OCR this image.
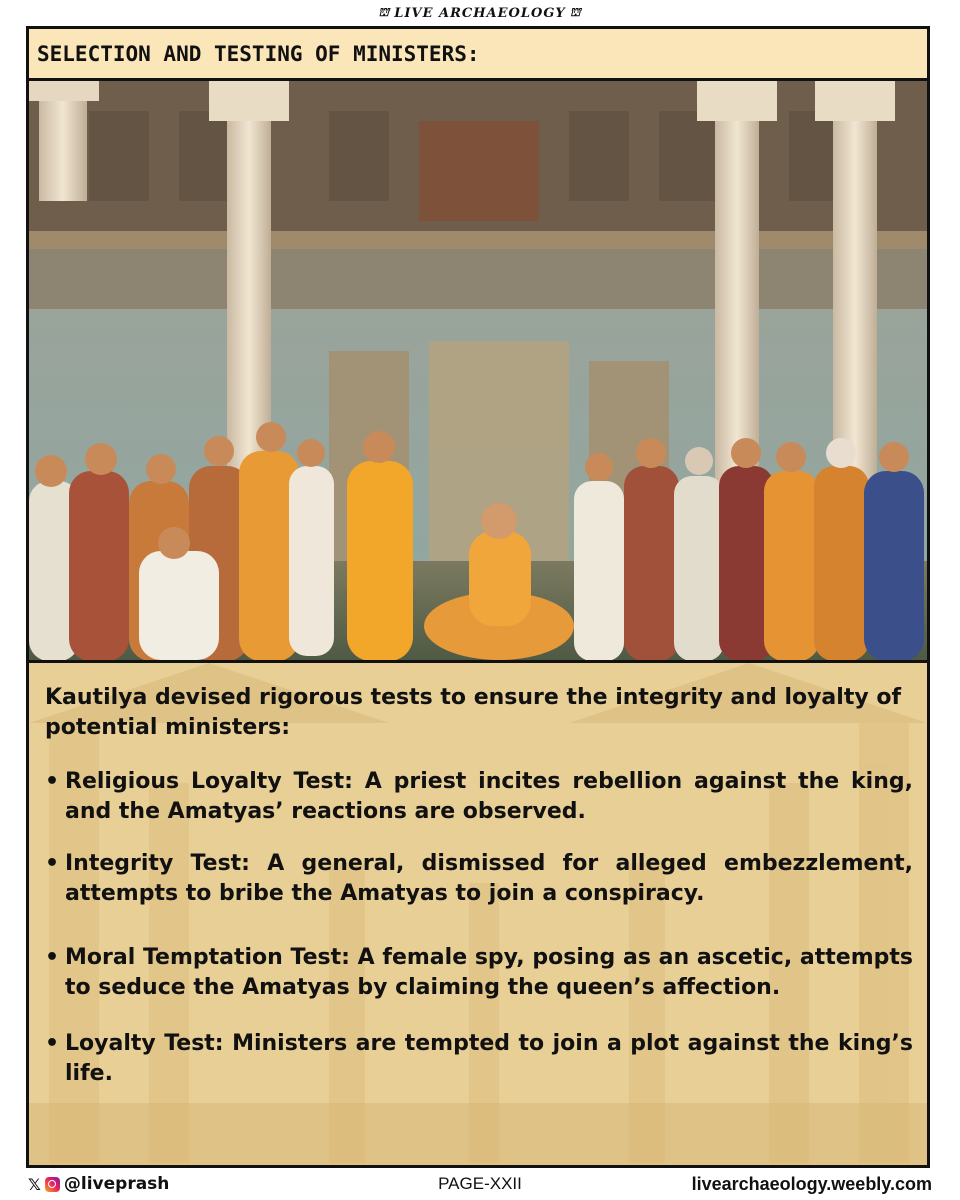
⛫ LIVE ARCHAEOLOGY ⛫
SELECTION AND TESTING OF MINISTERS:

Kautilya devised rigorous tests to ensure the integrity and loyalty of potential ministers:

• Religious Loyalty Test: A priest incites rebellion against the king, and the Amatyas’ reactions are observed.
• Integrity Test: A general, dismissed for alleged embezzlement, attempts to bribe the Amatyas to join a conspiracy.
• Moral Temptation Test: A female spy, posing as an ascetic, attempts to seduce the Amatyas by claiming the queen’s affection.
• Loyalty Test: Ministers are tempted to join a plot against the king’s life.
𝕏 @liveprash	PAGE-XXII	livearchaeology.weebly.com
